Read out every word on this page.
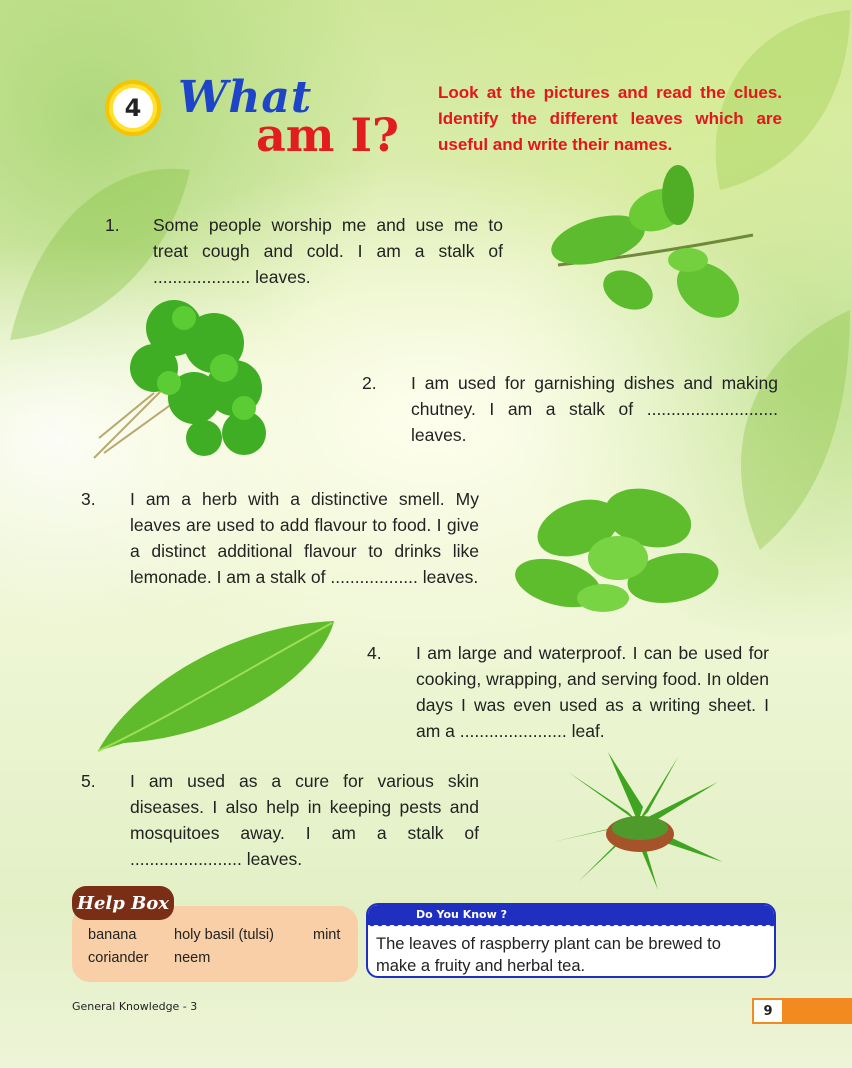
4 What
am I?
Look at the pictures and read the clues. Identify the different leaves which are useful and write their names.
1. Some people worship me and use me to treat cough and cold. I am a stalk of .................... leaves.
2. I am used for garnishing dishes and making chutney. I am a stalk of ........................... leaves.
3. I am a herb with a distinctive smell. My leaves are used to add flavour to food. I give a distinct additional flavour to drinks like lemonade. I am a stalk of .................. leaves.
4. I am large and waterproof. I can be used for cooking, wrapping, and serving food. In olden days I was even used as a writing sheet. I am a ...................... leaf.
5. I am used as a cure for various skin diseases. I also help in keeping pests and mosquitoes away. I am a stalk of ....................... leaves.
Help Box
banana	holy basil (tulsi)	mint
coriander neem
Do You Know ?
The leaves of raspberry plant can be brewed to make a fruity and herbal tea.
General Knowledge - 3	9
